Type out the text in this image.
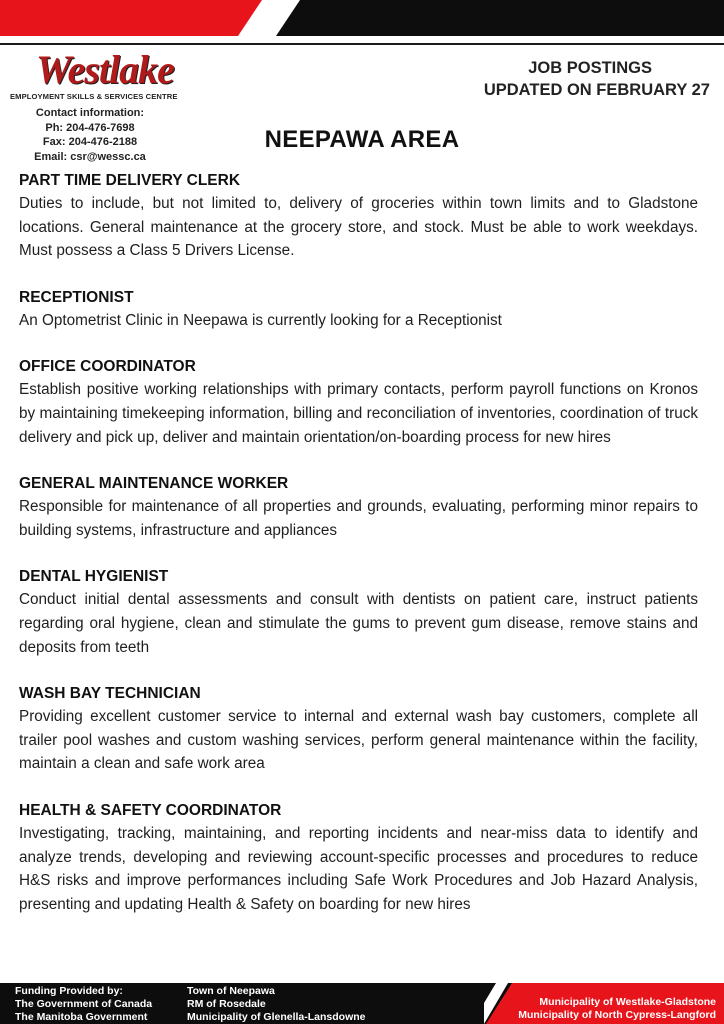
Westlake
EMPLOYMENT SKILLS & SERVICES CENTRE
Contact information:
Ph: 204-476-7698
Fax: 204-476-2188
Email: csr@wessc.ca
JOB POSTINGS
UPDATED ON FEBRUARY 27
NEEPAWA AREA
PART TIME DELIVERY CLERK
Duties to include, but not limited to, delivery of groceries within town limits and to Gladstone locations. General maintenance at the grocery store, and stock. Must be able to work weekdays. Must possess a Class 5 Drivers License.
RECEPTIONIST
An Optometrist Clinic in Neepawa is currently looking for a Receptionist
OFFICE COORDINATOR
Establish positive working relationships with primary contacts, perform payroll functions on Kronos by maintaining timekeeping information, billing and reconciliation of inventories, coordination of truck delivery and pick up, deliver and maintain orientation/on-boarding process for new hires
GENERAL MAINTENANCE WORKER
Responsible for maintenance of all properties and grounds, evaluating, performing minor repairs to building systems, infrastructure and appliances
DENTAL HYGIENIST
Conduct initial dental assessments and consult with dentists on patient care, instruct patients regarding oral hygiene, clean and stimulate the gums to prevent gum disease, remove stains and deposits from teeth
WASH BAY TECHNICIAN
Providing excellent customer service to internal and external wash bay customers, complete all trailer pool washes and custom washing services, perform general maintenance within the facility, maintain a clean and safe work area
HEALTH & SAFETY COORDINATOR
Investigating, tracking, maintaining, and reporting incidents and near-miss data to identify and analyze trends, developing and reviewing account-specific processes and procedures to reduce H&S risks and improve performances including Safe Work Procedures and Job Hazard Analysis, presenting and updating Health & Safety on boarding for new hires
Funding Provided by:
The Government of Canada
The Manitoba Government
Town of Neepawa
RM of Rosedale
Municipality of Glenella-Lansdowne
Municipality of Westlake-Gladstone
Municipality of North Cypress-Langford
